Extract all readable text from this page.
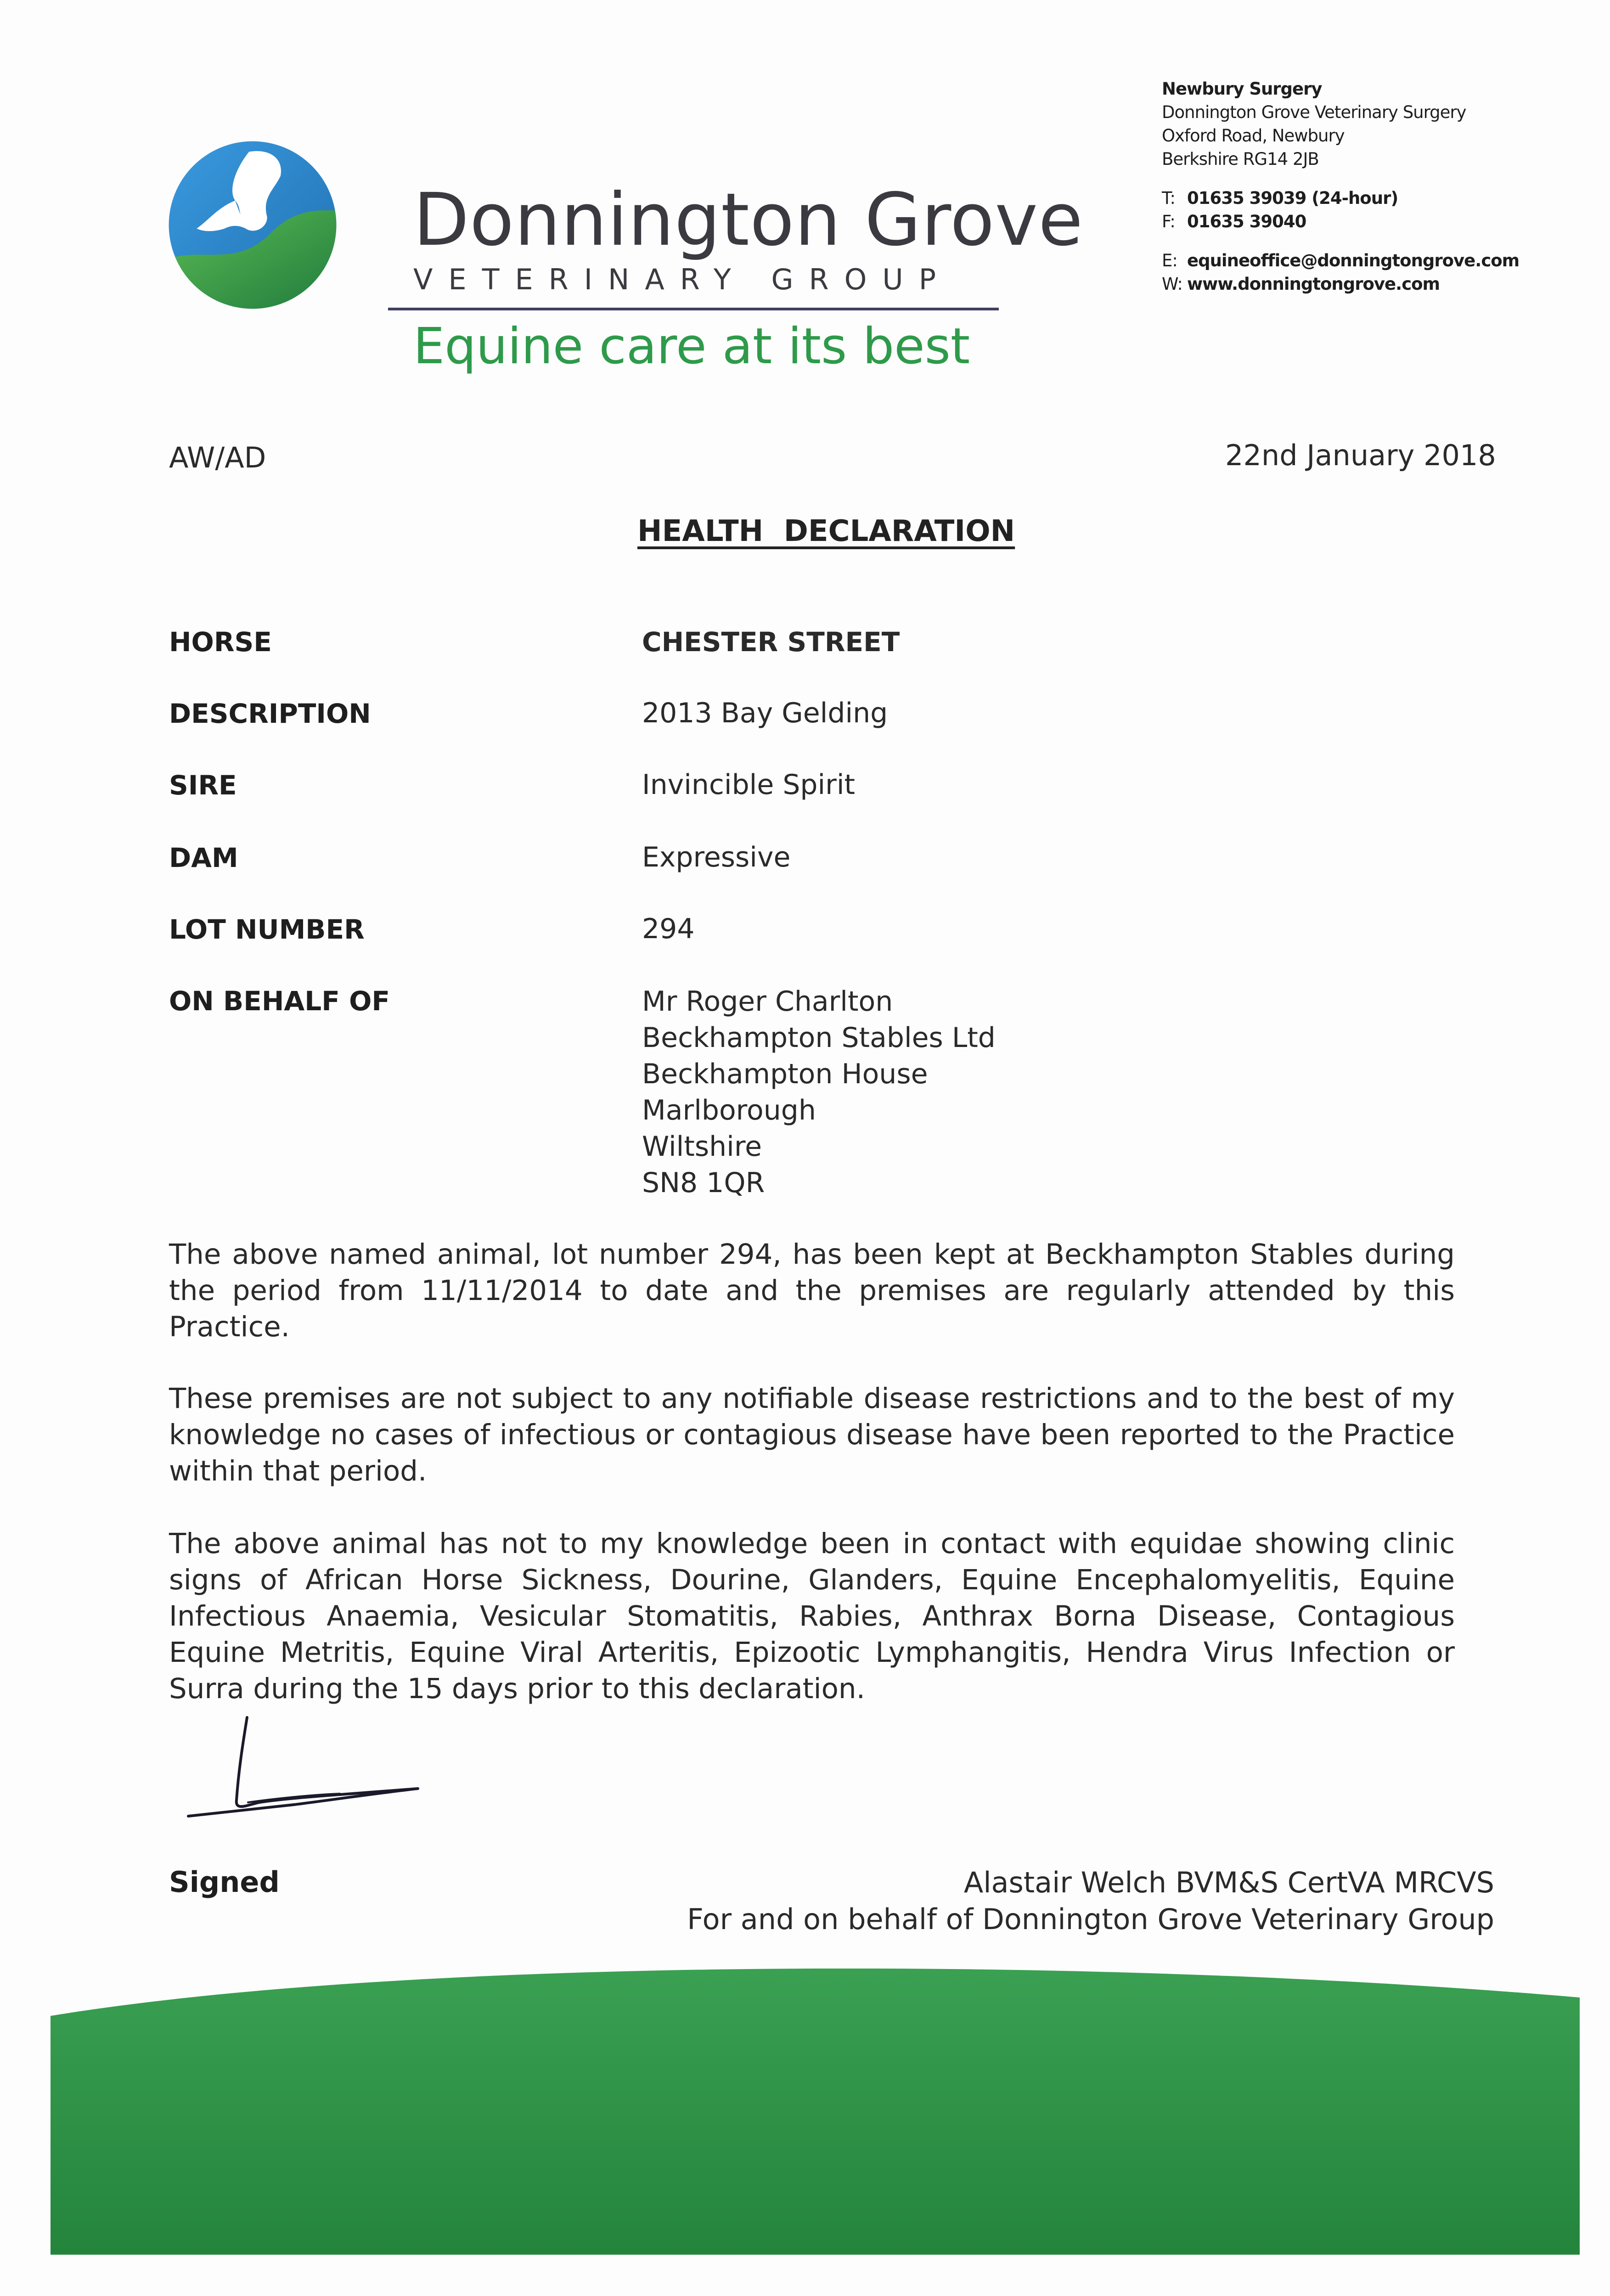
Donnington Grove
VETERINARY GROUP
Equine care at its best
Newbury Surgery
Donnington Grove Veterinary Surgery
Oxford Road, Newbury
Berkshire RG14 2JB
T: 01635 39039 (24-hour)
F: 01635 39040
E: equineoffice@donningtongrove.com
W: www.donningtongrove.com
AW/AD	22nd January 2018
HEALTH  DECLARATION
HORSE	CHESTER STREET
DESCRIPTION	2013 Bay Gelding
SIRE	Invincible Spirit
DAM	Expressive
LOT NUMBER	294
ON BEHALF OF	Mr Roger Charlton
Beckhampton Stables Ltd
Beckhampton House
Marlborough
Wiltshire
SN8 1QR
The above named animal, lot number 294, has been kept at Beckhampton Stables during the period from 11/11/2014 to date and the premises are regularly attended by this Practice.
These premises are not subject to any notifiable disease restrictions and to the best of my knowledge no cases of infectious or contagious disease have been reported to the Practice within that period.
The above animal has not to my knowledge been in contact with equidae showing clinic signs of African Horse Sickness, Dourine, Glanders, Equine Encephalomyelitis, Equine Infectious Anaemia, Vesicular Stomatitis, Rabies, Anthrax Borna Disease, Contagious Equine Metritis, Equine Viral Arteritis, Epizootic Lymphangitis, Hendra Virus Infection or Surra during the 15 days prior to this declaration.
Signed	Alastair Welch BVM&S CertVA MRCVS
For and on behalf of Donnington Grove Veterinary Group
